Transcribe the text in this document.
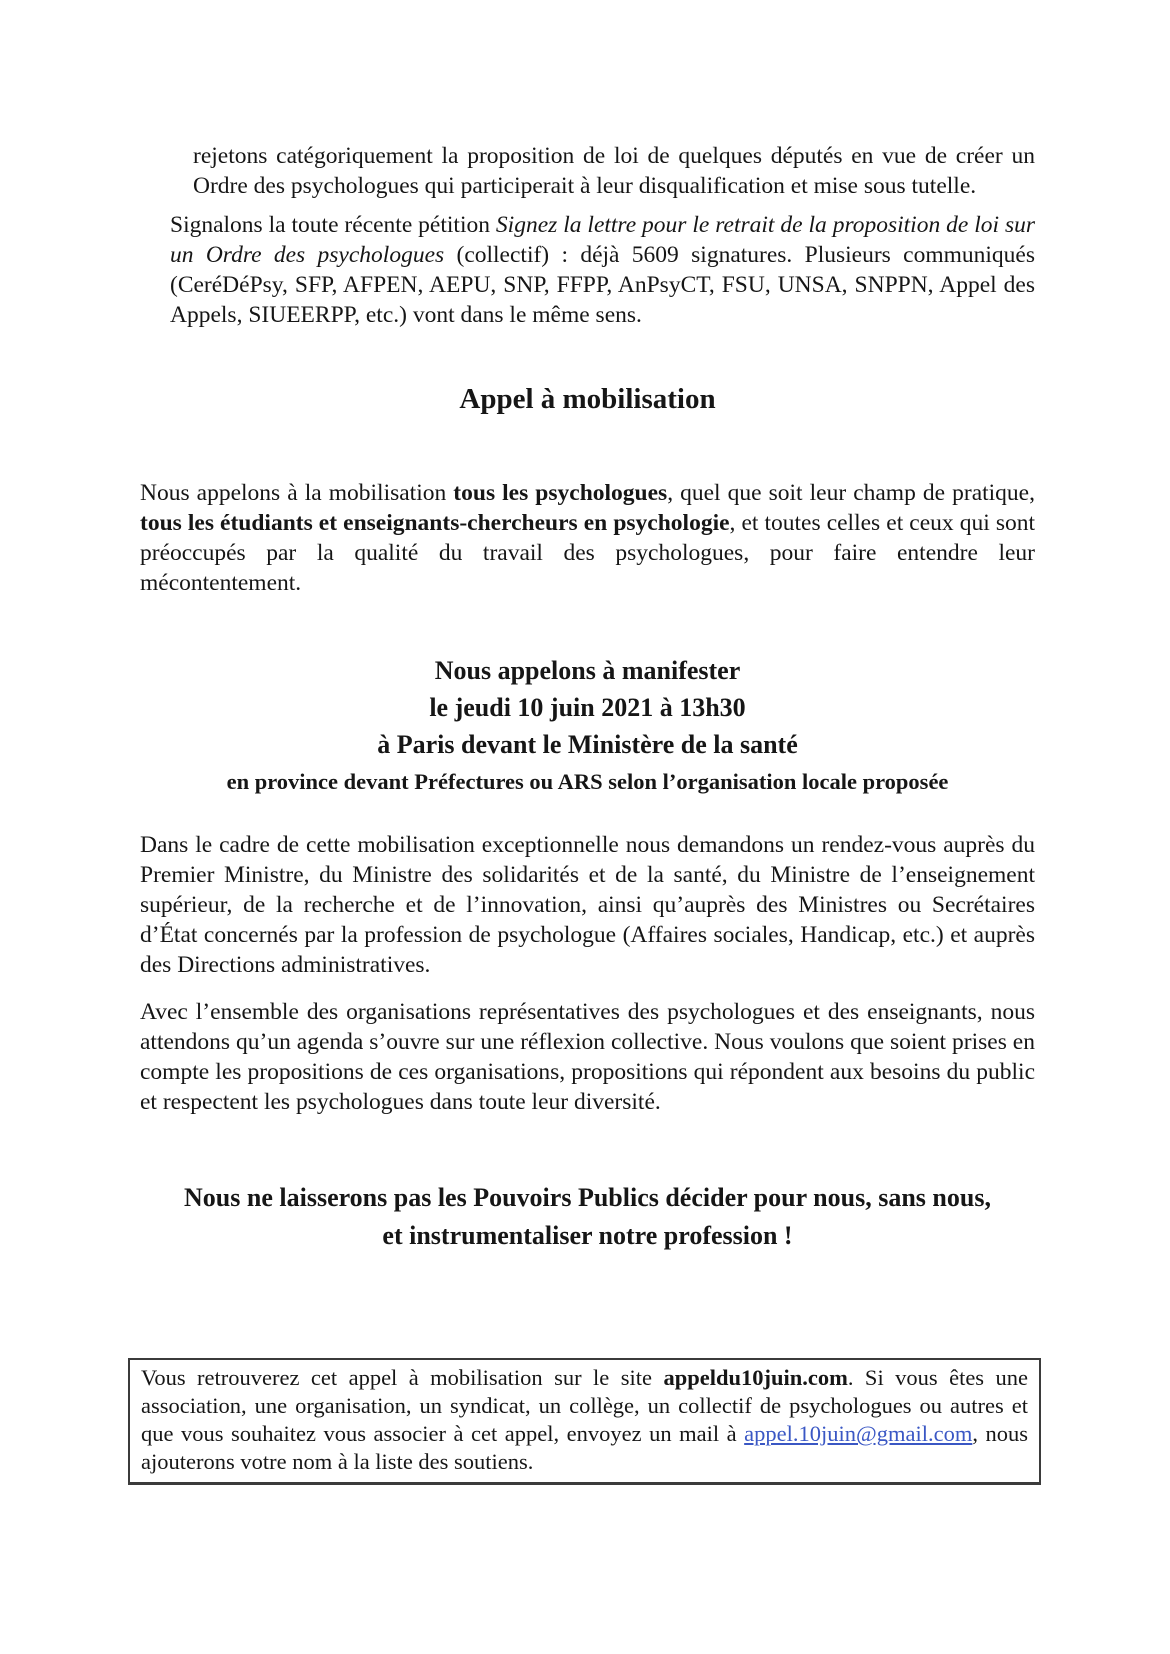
rejetons catégoriquement la proposition de loi de quelques députés en vue de créer un Ordre des psychologues qui participerait à leur disqualification et mise sous tutelle.

Signalons la toute récente pétition Signez la lettre pour le retrait de la proposition de loi sur un Ordre des psychologues (collectif) : déjà 5609 signatures. Plusieurs communiqués (CeréDéPsy, SFP, AFPEN, AEPU, SNP, FFPP, AnPsyCT, FSU, UNSA, SNPPN, Appel des Appels, SIUEERPP, etc.) vont dans le même sens.

Appel à mobilisation

Nous appelons à la mobilisation tous les psychologues, quel que soit leur champ de pratique, tous les étudiants et enseignants-chercheurs en psychologie, et toutes celles et ceux qui sont préoccupés par la qualité du travail des psychologues, pour faire entendre leur mécontentement.

Nous appelons à manifester
le jeudi 10 juin 2021 à 13h30
à Paris devant le Ministère de la santé
en province devant Préfectures ou ARS selon l’organisation locale proposée

Dans le cadre de cette mobilisation exceptionnelle nous demandons un rendez-vous auprès du Premier Ministre, du Ministre des solidarités et de la santé, du Ministre de l’enseignement supérieur, de la recherche et de l’innovation, ainsi qu’auprès des Ministres ou Secrétaires d’État concernés par la profession de psychologue (Affaires sociales, Handicap, etc.) et auprès des Directions administratives.

Avec l’ensemble des organisations représentatives des psychologues et des enseignants, nous attendons qu’un agenda s’ouvre sur une réflexion collective. Nous voulons que soient prises en compte les propositions de ces organisations, propositions qui répondent aux besoins du public et respectent les psychologues dans toute leur diversité.

Nous ne laisserons pas les Pouvoirs Publics décider pour nous, sans nous,
et instrumentaliser notre profession !
Vous retrouverez cet appel à mobilisation sur le site appeldu10juin.com. Si vous êtes une association, une organisation, un syndicat, un collège, un collectif de psychologues ou autres et que vous souhaitez vous associer à cet appel, envoyez un mail à appel.10juin@gmail.com, nous ajouterons votre nom à la liste des soutiens.
